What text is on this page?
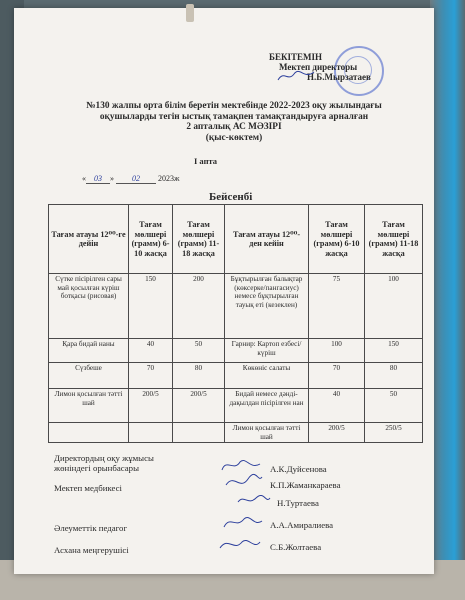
БЕКІТЕМІН
Мектеп директоры
Н.Б.Мырзатаев
№130 жалпы орта білім беретін мектебінде 2022-2023 оқу жылындағы
оқушыларды тегін ыстық тамақпен тамақтандыруға арналған
2 апталық АС МӘЗІРІ
(қыс-көктем)
I апта
« 03 » 02 2023ж
Бейсенбі
Тағам атауы 12⁰⁰-ге дейін	Тағам мөлшері (грамм) 6-10 жасқа	Тағам мөлшері (грамм) 11-18 жасқа	Тағам атауы 12⁰⁰-ден кейін	Тағам мөлшері (грамм) 6-10 жасқа	Тағам мөлшері (грамм) 11-18 жасқа
Сүтке пісірілген сары май қосылған күріш ботқасы (рисовая)	150	200	Бұқтырылған балықтар (көксерке/пангасиус) немесе бұқтырылған тауық еті (кезеклен)	75	100
Қара бидай наны	40	50	Гарнир: Картоп езбесі/ күріш	100	150
Сүзбеше	70	80	Көкөніс салаты	70	80
Лимон қосылған тәтті шай	200/5	200/5	Бидай немесе дәнді-дақылдан пісірілген нан	40	50
			Лимон қосылған тәтті шай	200/5	250/5
Директордың оқу жұмысы
жөніндегі орынбасары	А.К.Дуйсенова
Мектеп медбикесі	К.П.Жаманкараева
Н.Туртаева
Әлеуметтік педагог	А.А.Амиралиева
Асхана меңгерушісі	С.Б.Жолтаева
